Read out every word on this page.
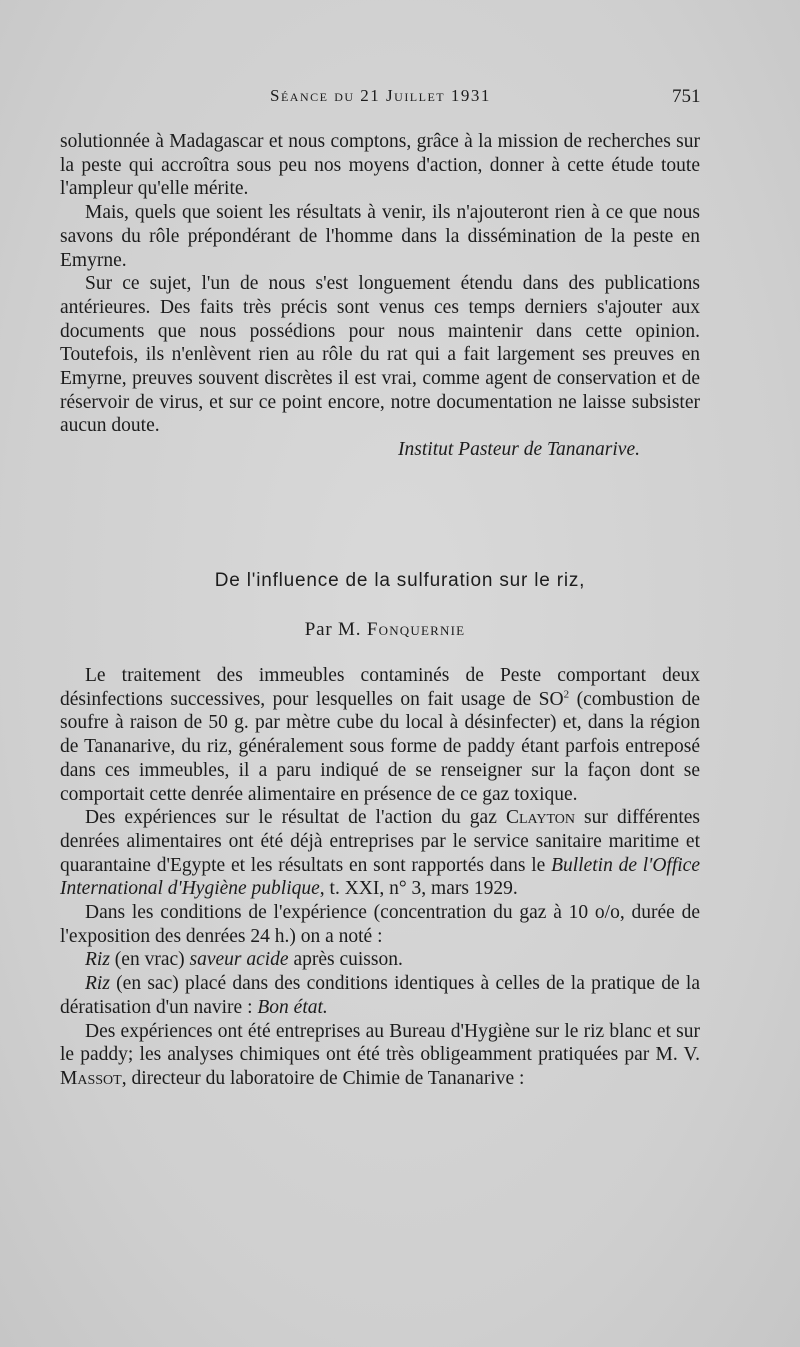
Séance du 21 Juillet 1931	751

solutionnée à Madagascar et nous comptons, grâce à la mission de recherches sur la peste qui accroîtra sous peu nos moyens d'action, donner à cette étude toute l'ampleur qu'elle mérite.

Mais, quels que soient les résultats à venir, ils n'ajouteront rien à ce que nous savons du rôle prépondérant de l'homme dans la dissémination de la peste en Emyrne.

Sur ce sujet, l'un de nous s'est longuement étendu dans des publications antérieures. Des faits très précis sont venus ces temps derniers s'ajouter aux documents que nous possédions pour nous maintenir dans cette opinion. Toutefois, ils n'enlèvent rien au rôle du rat qui a fait largement ses preuves en Emyrne, preuves souvent discrètes il est vrai, comme agent de conservation et de réservoir de virus, et sur ce point encore, notre documentation ne laisse subsister aucun doute.

Institut Pasteur de Tananarive.

De l'influence de la sulfuration sur le riz,
Par M. Fonquernie

Le traitement des immeubles contaminés de Peste comportant deux désinfections successives, pour lesquelles on fait usage de $SO^2$ (combustion de soufre à raison de 50 g. par mètre cube du local à désinfecter) et, dans la région de Tananarive, du riz, généralement sous forme de paddy étant parfois entreposé dans ces immeubles, il a paru indiqué de se renseigner sur la façon dont se comportait cette denrée alimentaire en présence de ce gaz toxique.

Des expériences sur le résultat de l'action du gaz Clayton sur différentes denrées alimentaires ont été déjà entreprises par le service sanitaire maritime et quarantaine d'Egypte et les résultats en sont rapportés dans le Bulletin de l'Office International d'Hygiène publique, t. XXI, n° 3, mars 1929.

Dans les conditions de l'expérience (concentration du gaz à 10 o/o, durée de l'exposition des denrées 24 h.) on a noté :

Riz (en vrac) saveur acide après cuisson.

Riz (en sac) placé dans des conditions identiques à celles de la pratique de la dératisation d'un navire : Bon état.

Des expériences ont été entreprises au Bureau d'Hygiène sur le riz blanc et sur le paddy; les analyses chimiques ont été très obligeamment pratiquées par M. V. Massot, directeur du laboratoire de Chimie de Tananarive :
